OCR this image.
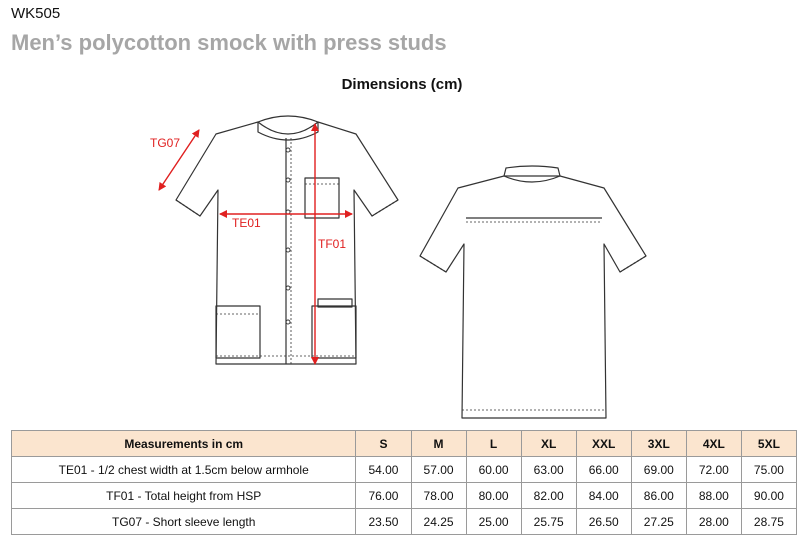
WK505
Men’s polycotton smock with press studs
Dimensions (cm)
TG07
TE01
TF01
Measurements in cm	S	M	L	XL	XXL	3XL	4XL	5XL
TE01 - 1/2 chest width at 1.5cm below armhole	54.00	57.00	60.00	63.00	66.00	69.00	72.00	75.00
TF01 - Total height from HSP	76.00	78.00	80.00	82.00	84.00	86.00	88.00	90.00
TG07 - Short sleeve length	23.50	24.25	25.00	25.75	26.50	27.25	28.00	28.75
